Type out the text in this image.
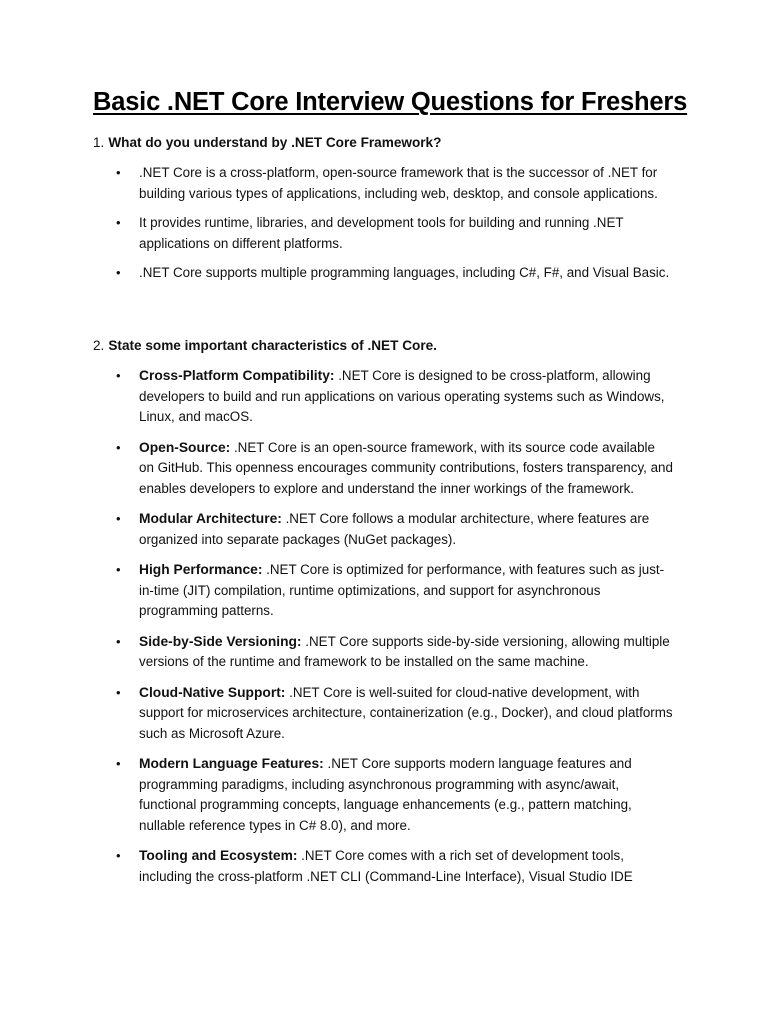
Basic .NET Core Interview Questions for Freshers
1. What do you understand by .NET Core Framework?
• .NET Core is a cross-platform, open-source framework that is the successor of .NET for building various types of applications, including web, desktop, and console applications.
• It provides runtime, libraries, and development tools for building and running .NET applications on different platforms.
• .NET Core supports multiple programming languages, including C#, F#, and Visual Basic.
2. State some important characteristics of .NET Core.
• Cross-Platform Compatibility: .NET Core is designed to be cross-platform, allowing developers to build and run applications on various operating systems such as Windows, Linux, and macOS.
• Open-Source: .NET Core is an open-source framework, with its source code available on GitHub. This openness encourages community contributions, fosters transparency, and enables developers to explore and understand the inner workings of the framework.
• Modular Architecture: .NET Core follows a modular architecture, where features are organized into separate packages (NuGet packages).
• High Performance: .NET Core is optimized for performance, with features such as just-in-time (JIT) compilation, runtime optimizations, and support for asynchronous programming patterns.
• Side-by-Side Versioning: .NET Core supports side-by-side versioning, allowing multiple versions of the runtime and framework to be installed on the same machine.
• Cloud-Native Support: .NET Core is well-suited for cloud-native development, with support for microservices architecture, containerization (e.g., Docker), and cloud platforms such as Microsoft Azure.
• Modern Language Features: .NET Core supports modern language features and programming paradigms, including asynchronous programming with async/await, functional programming concepts, language enhancements (e.g., pattern matching, nullable reference types in C# 8.0), and more.
• Tooling and Ecosystem: .NET Core comes with a rich set of development tools, including the cross-platform .NET CLI (Command-Line Interface), Visual Studio IDE
